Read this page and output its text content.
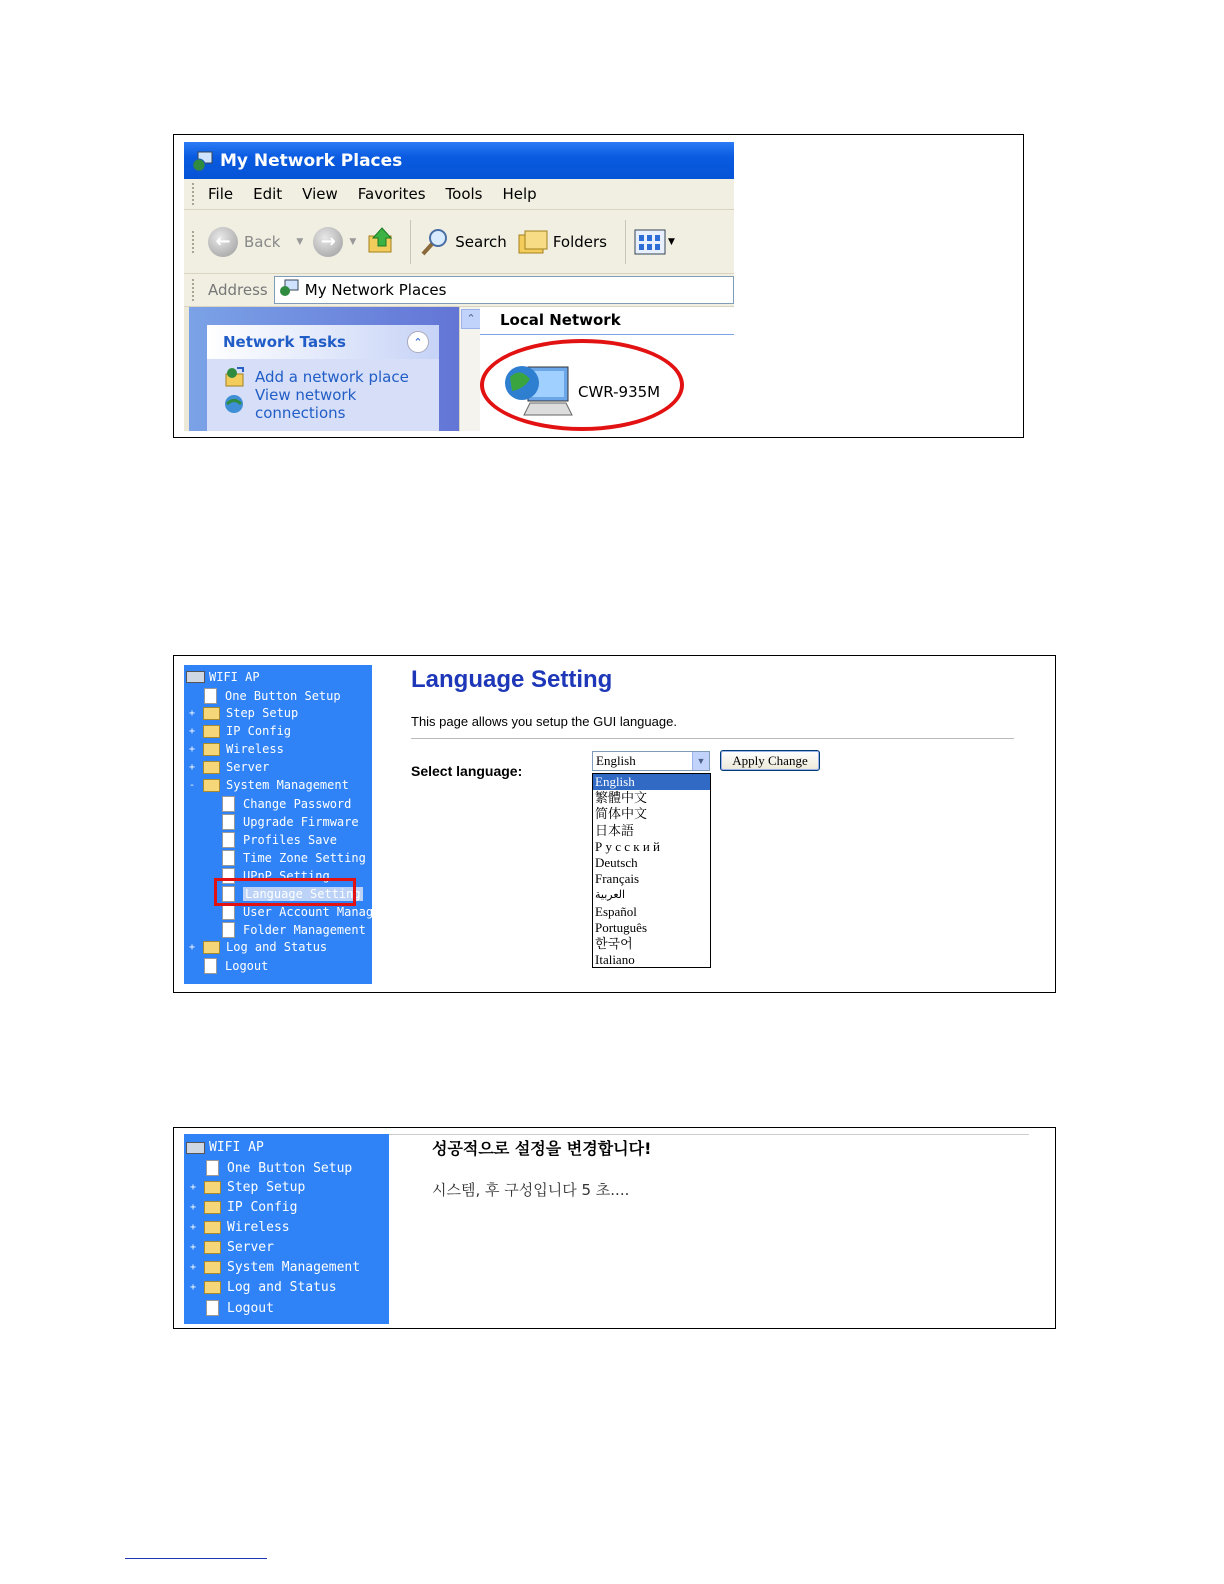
My Network Places
File Edit View Favorites Tools Help
← Back ▼ →	▼	Search	Folders	▼
Address My Network Places
Network Tasks	⌃
Add a network place
View network connections
⌃	Local Network
CWR-935M
WIFI AP
One Button Setup
+	Step Setup
+	IP Config
+	Wireless
+	Server
-	System Management
Change Password
Upgrade Firmware
Profiles Save
Time Zone Setting
UPnP Setting
Language Setting
User Account Management
Folder Management
+	Log and Status
Logout
Language Setting
This page allows you setup the GUI language.
Select language:
English	▼	Apply Change
English
繁體中文
简体中文
日本語
Р у с с к и й
Deutsch
Français
العربية
Español
Português
한국어
Italiano
WIFI AP
One Button Setup
+ Step Setup
+ IP Config
+ Wireless
+ Server
+ System Management
+ Log and Status
Logout
성공적으로 설정을 변경합니다!
시스템, 후 구성입니다 5 초....
